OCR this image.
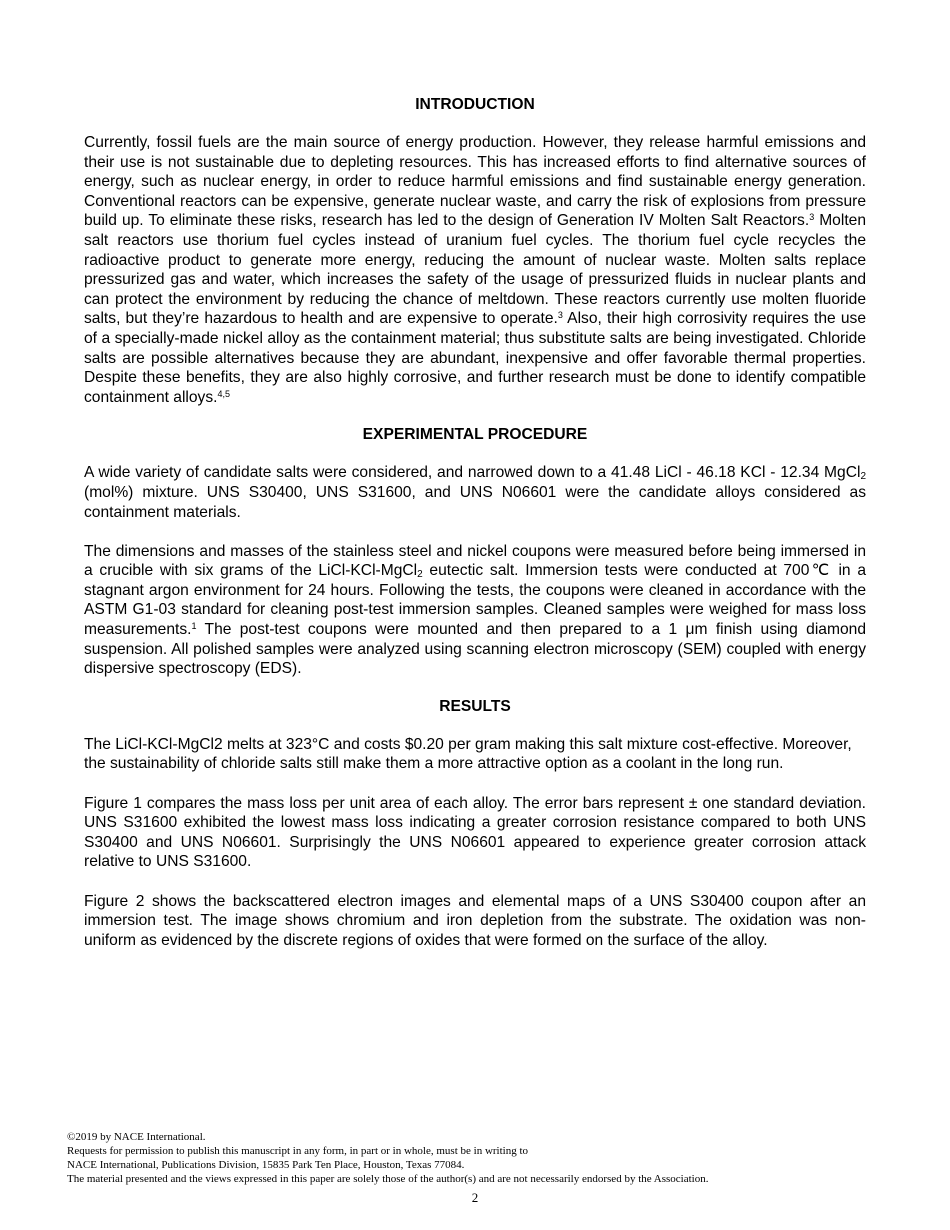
INTRODUCTION

Currently, fossil fuels are the main source of energy production. However, they release harmful emissions and their use is not sustainable due to depleting resources. This has increased efforts to find alternative sources of energy, such as nuclear energy, in order to reduce harmful emissions and find sustainable energy generation. Conventional reactors can be expensive, generate nuclear waste, and carry the risk of explosions from pressure build up. To eliminate these risks, research has led to the design of Generation IV Molten Salt Reactors.$^3$ Molten salt reactors use thorium fuel cycles instead of uranium fuel cycles. The thorium fuel cycle recycles the radioactive product to generate more energy, reducing the amount of nuclear waste. Molten salts replace pressurized gas and water, which increases the safety of the usage of pressurized fluids in nuclear plants and can protect the environment by reducing the chance of meltdown. These reactors currently use molten fluoride salts, but they’re hazardous to health and are expensive to operate.$^3$ Also, their high corrosivity requires the use of a specially-made nickel alloy as the containment material; thus substitute salts are being investigated. Chloride salts are possible alternatives because they are abundant, inexpensive and offer favorable thermal properties. Despite these benefits, they are also highly corrosive, and further research must be done to identify compatible containment alloys.$^{4,5}$

EXPERIMENTAL PROCEDURE

A wide variety of candidate salts were considered, and narrowed down to a 41.48 LiCl - 46.18 KCl - 12.34 MgCl$_2$ (mol%) mixture. UNS S30400, UNS S31600, and UNS N06601 were the candidate alloys considered as containment materials.

The dimensions and masses of the stainless steel and nickel coupons were measured before being immersed in a crucible with six grams of the LiCl-KCl-MgCl$_2$ eutectic salt. Immersion tests were conducted at 700℃ in a stagnant argon environment for 24 hours. Following the tests, the coupons were cleaned in accordance with the ASTM G1-03 standard for cleaning post-test immersion samples. Cleaned samples were weighed for mass loss measurements.$^1$ The post-test coupons were mounted and then prepared to a 1 μm finish using diamond suspension. All polished samples were analyzed using scanning electron microscopy (SEM) coupled with energy dispersive spectroscopy (EDS).

RESULTS

The LiCl-KCl-MgCl2 melts at 323°C and costs $0.20 per gram making this salt mixture cost-effective. Moreover, the sustainability of chloride salts still make them a more attractive option as a coolant in the long run.

Figure 1 compares the mass loss per unit area of each alloy. The error bars represent ± one standard deviation. UNS S31600 exhibited the lowest mass loss indicating a greater corrosion resistance compared to both UNS S30400 and UNS N06601. Surprisingly the UNS N06601 appeared to experience greater corrosion attack relative to UNS S31600.

Figure 2 shows the backscattered electron images and elemental maps of a UNS S30400 coupon after an immersion test. The image shows chromium and iron depletion from the substrate. The oxidation was non-uniform as evidenced by the discrete regions of oxides that were formed on the surface of the alloy.

©2019 by NACE International.
Requests for permission to publish this manuscript in any form, in part or in whole, must be in writing to
NACE International, Publications Division, 15835 Park Ten Place, Houston, Texas 77084.
The material presented and the views expressed in this paper are solely those of the author(s) and are not necessarily endorsed by the Association.
2
